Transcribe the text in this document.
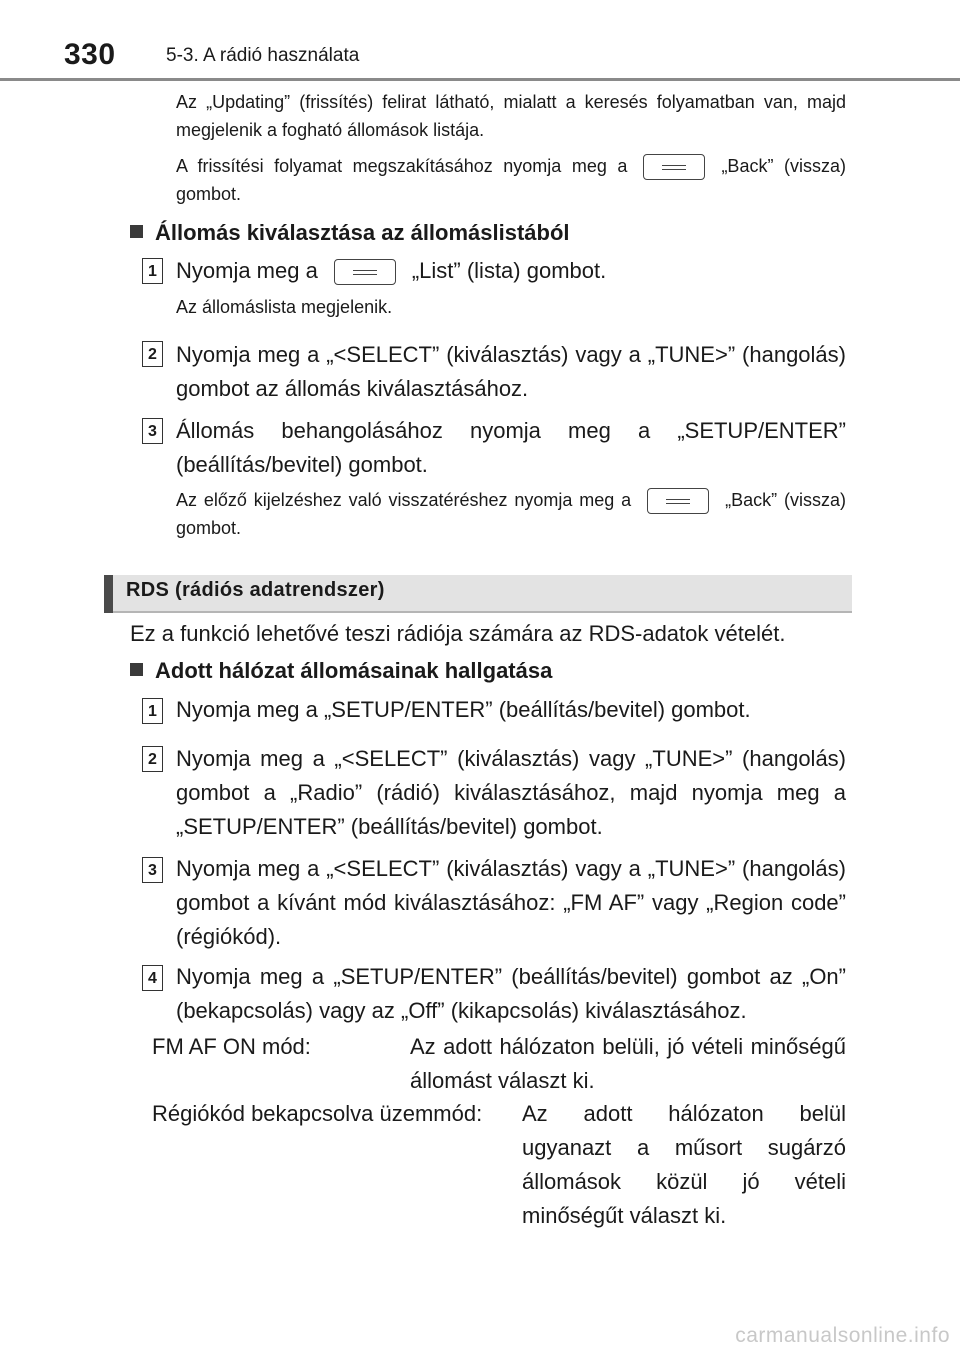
330	5-3. A rádió használata
Az „Updating” (frissítés) felirat látható, mialatt a keresés folyamatban van, majd megjelenik a fogható állomások listája.
A frissítési folyamat megszakításához nyomja meg a	„Back” (vissza) gombot.
Állomás kiválasztása az állomáslistából
1 Nyomja meg a	„List” (lista) gombot.
Az állomáslista megjelenik.
2 Nyomja meg a „<SELECT” (kiválasztás) vagy a „TUNE>” (hangolás) gombot az állomás kiválasztásához.
3 Állomás behangolásához nyomja meg a „SETUP/ENTER” (beállítás/bevitel) gombot.
Az előző kijelzéshez való visszatéréshez nyomja meg a	„Back” (vissza) gombot.
RDS (rádiós adatrendszer)
Ez a funkció lehetővé teszi rádiója számára az RDS-adatok vételét.
Adott hálózat állomásainak hallgatása
1 Nyomja meg a „SETUP/ENTER” (beállítás/bevitel) gombot.
2 Nyomja meg a „<SELECT” (kiválasztás) vagy „TUNE>” (hangolás) gombot a „Radio” (rádió) kiválasztásához, majd nyomja meg a „SETUP/ENTER” (beállítás/bevitel) gombot.
3 Nyomja meg a „<SELECT” (kiválasztás) vagy a „TUNE>” (hangolás) gombot a kívánt mód kiválasztásához: „FM AF” vagy „Region code” (régiókód).
4 Nyomja meg a „SETUP/ENTER” (beállítás/bevitel) gombot az „On” (bekapcsolás) vagy az „Off” (kikapcsolás) kiválasztásához.
FM AF ON mód:	Az adott hálózaton belüli, jó vételi minőségű állomást választ ki.
Régiókód bekapcsolva üzemmód: Az adott hálózaton belül ugyanazt a műsort sugárzó állomások közül jó vételi minőségűt választ ki.
carmanualsonline.info
